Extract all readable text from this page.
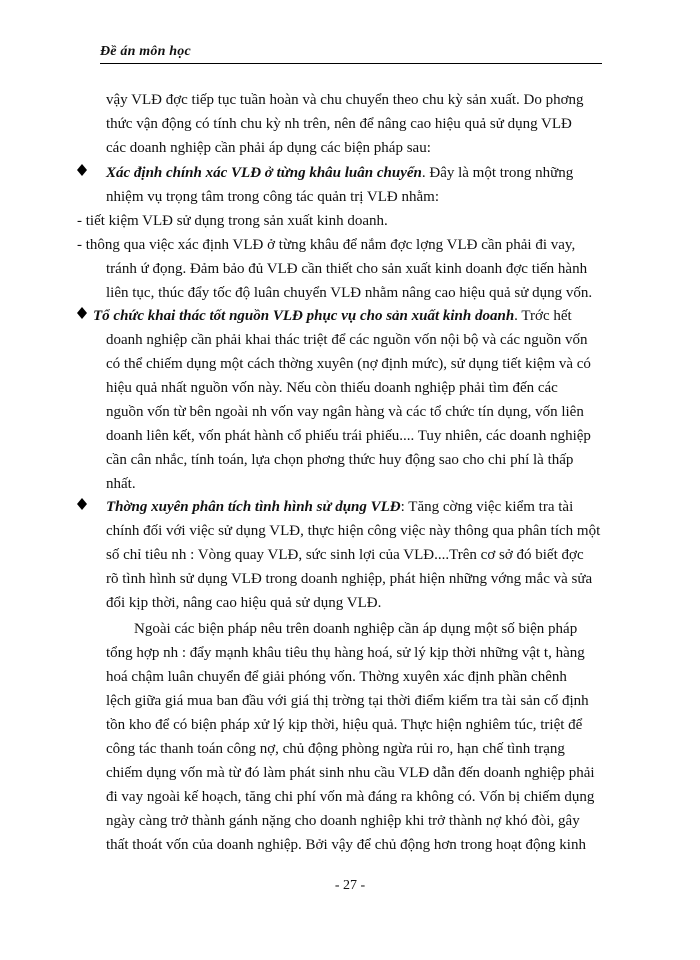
Đề án môn học
vậy VLĐ đợc tiếp tục tuần hoàn và chu chuyển theo chu kỳ sản xuất. Do phơng
thức vận động có tính chu kỳ nh trên, nên để nâng cao hiệu quả sử dụng VLĐ
các doanh nghiệp cần phải áp dụng các biện pháp sau:
Xác định chính xác VLĐ ở từng khâu luân chuyển. Đây là một trong những
nhiệm vụ trọng tâm trong công tác quản trị VLĐ nhằm:
- tiết kiệm VLĐ sử dụng trong sản xuất kinh doanh.
- thông qua việc xác định VLĐ ở từng khâu để nắm đợc lợng VLĐ cần phải đi vay,
tránh ứ đọng. Đảm bảo đủ VLĐ cần thiết cho sản xuất kinh doanh đợc tiến hành
liên tục, thúc đẩy tốc độ luân chuyển VLĐ nhằm nâng cao hiệu quả sử dụng vốn.
Tổ chức khai thác tốt nguồn VLĐ phục vụ cho sản xuất kinh doanh. Trớc hết
doanh nghiệp cần phải khai thác triệt để các nguồn vốn nội bộ và các nguồn vốn
có thể chiếm dụng một cách thờng xuyên (nợ định mức), sử dụng tiết kiệm và có
hiệu quả nhất nguồn vốn này. Nếu còn thiếu doanh nghiệp phải tìm đến các
nguồn vốn từ bên ngoài nh vốn vay ngân hàng và các tổ chức tín dụng, vốn liên
doanh liên kết, vốn phát hành cổ phiếu trái phiếu.... Tuy nhiên, các doanh nghiệp
cần cân nhắc, tính toán, lựa chọn phơng thức huy động sao cho chi phí là thấp
nhất.
Thờng xuyên phân tích tình hình sử dụng VLĐ: Tăng cờng việc kiểm tra tài
chính đối với việc sử dụng VLĐ, thực hiện công việc này thông qua phân tích một
số chỉ tiêu nh : Vòng quay VLĐ, sức sinh lợi của VLĐ....Trên cơ sở đó biết đợc
rõ tình hình sử dụng VLĐ trong doanh nghiệp, phát hiện những vớng mắc và sửa
đổi kịp thời, nâng cao hiệu quả sử dụng VLĐ.
Ngoài các biện pháp nêu trên doanh nghiệp cần áp dụng một số biện pháp
tổng hợp nh : đẩy mạnh khâu tiêu thụ hàng hoá, sử lý kịp thời những vật t, hàng
hoá chậm luân chuyển để giải phóng vốn. Thờng xuyên xác định phần chênh
lệch giữa giá mua ban đầu với giá thị trờng tại thời điểm kiểm tra tài sản cố định
tồn kho để có biện pháp xử lý kịp thời, hiệu quả. Thực hiện nghiêm túc, triệt để
công tác thanh toán công nợ, chủ động phòng ngừa rủi ro, hạn chế tình trạng
chiếm dụng vốn mà từ đó làm phát sinh nhu cầu VLĐ dẫn đến doanh nghiệp phải
đi vay ngoài kế hoạch, tăng chi phí vốn mà đáng ra không có. Vốn bị chiếm dụng
ngày càng trở thành gánh nặng cho doanh nghiệp khi trở thành nợ khó đòi, gây
thất thoát vốn của doanh nghiệp. Bởi vậy để chủ động hơn trong hoạt động kinh
- 27 -
